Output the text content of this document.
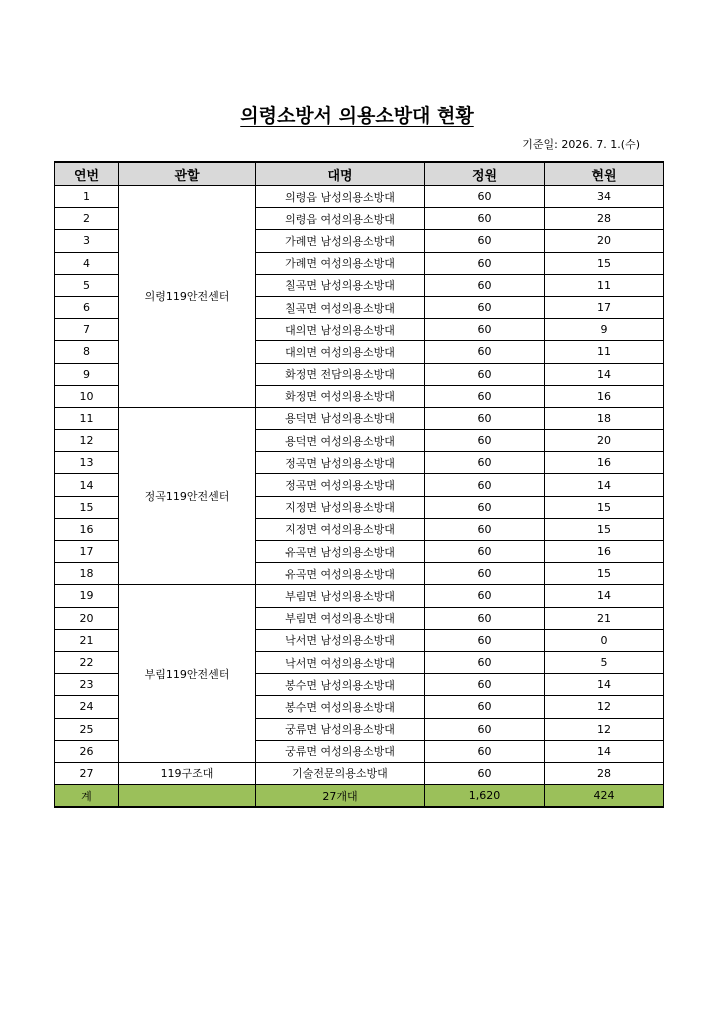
의령소방서 의용소방대 현황
기준일: 2026. 7. 1.(수)
연번	관할	대명	정원	현원
1	의령119안전센터	의령읍 남성의용소방대	60	34
2		의령읍 여성의용소방대	60	28
3		가례면 남성의용소방대	60	20
4		가례면 여성의용소방대	60	15
5		칠곡면 남성의용소방대	60	11
6		칠곡면 여성의용소방대	60	17
7		대의면 남성의용소방대	60	9
8		대의면 여성의용소방대	60	11
9		화정면 전담의용소방대	60	14
10		화정면 여성의용소방대	60	16
11	정곡119안전센터	용덕면 남성의용소방대	60	18
12		용덕면 여성의용소방대	60	20
13		정곡면 남성의용소방대	60	16
14		정곡면 여성의용소방대	60	14
15		지정면 남성의용소방대	60	15
16		지정면 여성의용소방대	60	15
17		유곡면 남성의용소방대	60	16
18		유곡면 여성의용소방대	60	15
19	부림119안전센터	부림면 남성의용소방대	60	14
20		부림면 여성의용소방대	60	21
21		낙서면 남성의용소방대	60	0
22		낙서면 여성의용소방대	60	5
23		봉수면 남성의용소방대	60	14
24		봉수면 여성의용소방대	60	12
25		궁류면 남성의용소방대	60	12
26		궁류면 여성의용소방대	60	14
27	119구조대	기술전문의용소방대	60	28
계		27개대	1,620	424
